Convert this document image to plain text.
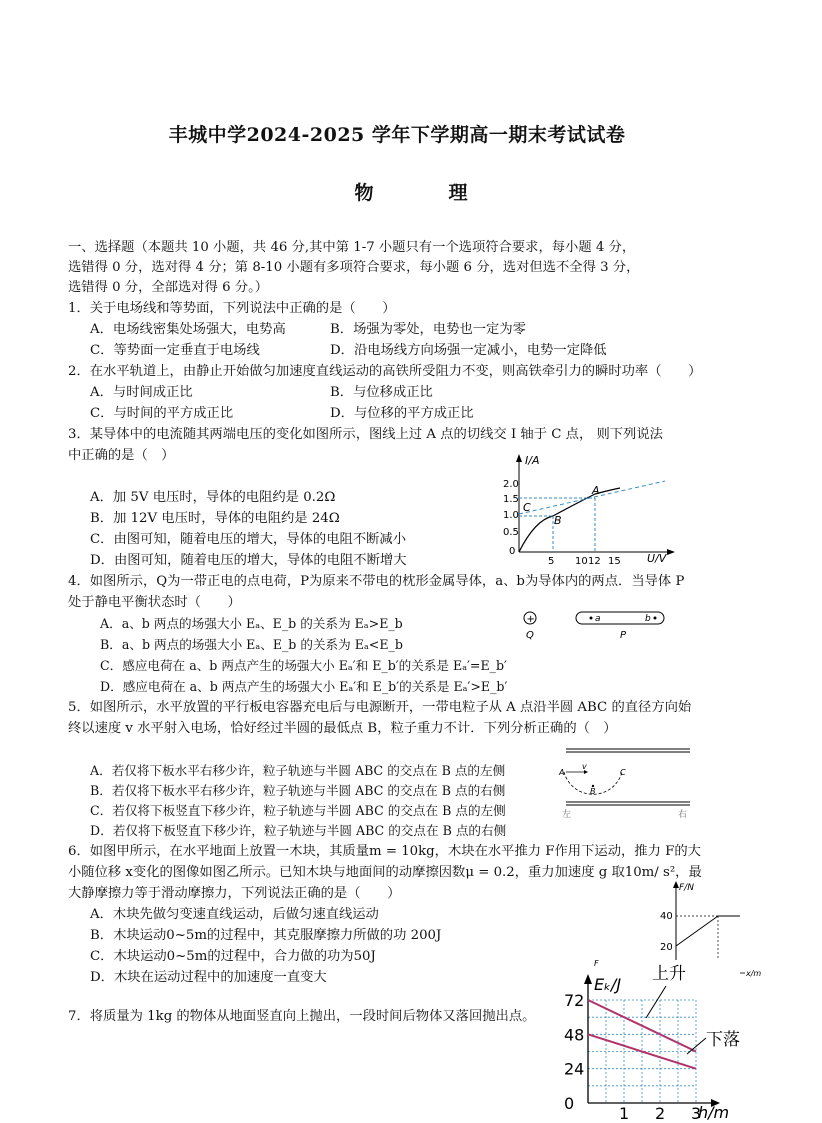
丰城中学2024-2025 学年下学期高一期末考试试卷
物　理
一、选择题（本题共 10 小题，共 46 分,其中第 1-7 小题只有一个选项符合要求，每小题 4 分，
选错得 0 分，选对得 4 分；第 8-10 小题有多项符合要求，每小题 6 分，选对但选不全得 3 分，
选错得 0 分，全部选对得 6 分。）
1．关于电场线和等势面，下列说法中正确的是（　　）
A．电场线密集处场强大，电势高	B．场强为零处，电势也一定为零
C．等势面一定垂直于电场线	D．沿电场线方向场强一定减小，电势一定降低
2．在水平轨道上，由静止开始做匀加速度直线运动的高铁所受阻力不变，则高铁牵引力的瞬时功率（　　）
A．与时间成正比	B．与位移成正比
C．与时间的平方成正比	D．与位移的平方成正比
3．某导体中的电流随其两端电压的变化如图所示，图线上过 A 点的切线交 I 轴于 C 点， 则下列说法
中正确的是（　）
A．加 5V 电压时，导体的电阻约是 0.2Ω
B．加 12V 电压时，导体的电阻约是 24Ω
C．由图可知，随着电压的增大，导体的电阻不断减小
D．由图可知，随着电压的增大，导体的电阻不断增大
I/A
U/V
2.0
1.5
1.0
0.5
0
5 10 12 15
A
B
C
4．如图所示，Q为一带正电的点电荷，P为原来不带电的枕形金属导体，a、b为导体内的两点．当导体 P
处于静电平衡状态时（　　）
A．a、b 两点的场强大小 Eₐ、E_b 的关系为 Eₐ>E_b
B．a、b 两点的场强大小 Eₐ、E_b 的关系为 Eₐ<E_b
C．感应电荷在 a、b 两点产生的场强大小 Eₐ′和 E_b′的关系是 Eₐ′=E_b′
D．感应电荷在 a、b 两点产生的场强大小 Eₐ′和 E_b′的关系是 Eₐ′>E_b′
+
Q
a	b
P
5．如图所示，水平放置的平行板电容器充电后与电源断开，一带电粒子从 A 点沿半圆 ABC 的直径方向始
终以速度 v 水平射入电场，恰好经过半圆的最低点 B，粒子重力不计．下列分析正确的（　）
A．若仅将下板水平右移少许，粒子轨迹与半圆 ABC 的交点在 B 点的左侧
B．若仅将下板水平右移少许，粒子轨迹与半圆 ABC 的交点在 B 点的右侧
C．若仅将下板竖直下移少许，粒子轨迹与半圆 ABC 的交点在 B 点的左侧
D．若仅将下板竖直下移少许，粒子轨迹与半圆 ABC 的交点在 B 点的右侧
A
v
B
C
左	右
6．如图甲所示，在水平地面上放置一木块，其质量m = 10kg，木块在水平推力 F作用下运动，推力 F的大
小随位移 x变化的图像如图乙所示。已知木块与地面间的动摩擦因数μ = 0.2，重力加速度 g 取10m/ s²，最
大静摩擦力等于滑动摩擦力，下列说法正确的是（　　）
A．木块先做匀变速直线运动，后做匀速直线运动
B．木块运动0~5m的过程中，其克服摩擦力所做的功 200J
C．木块运动0~5m的过程中，合力做的功为50J
D．木块在运动过程中的加速度一直变大
F/N
40
20
F
x/m
7．将质量为 1kg 的物体从地面竖直向上抛出，一段时间后物体又落回抛出点。
Eₖ/J
h/m
72
48
24
0
1 2 3
上升
下落
